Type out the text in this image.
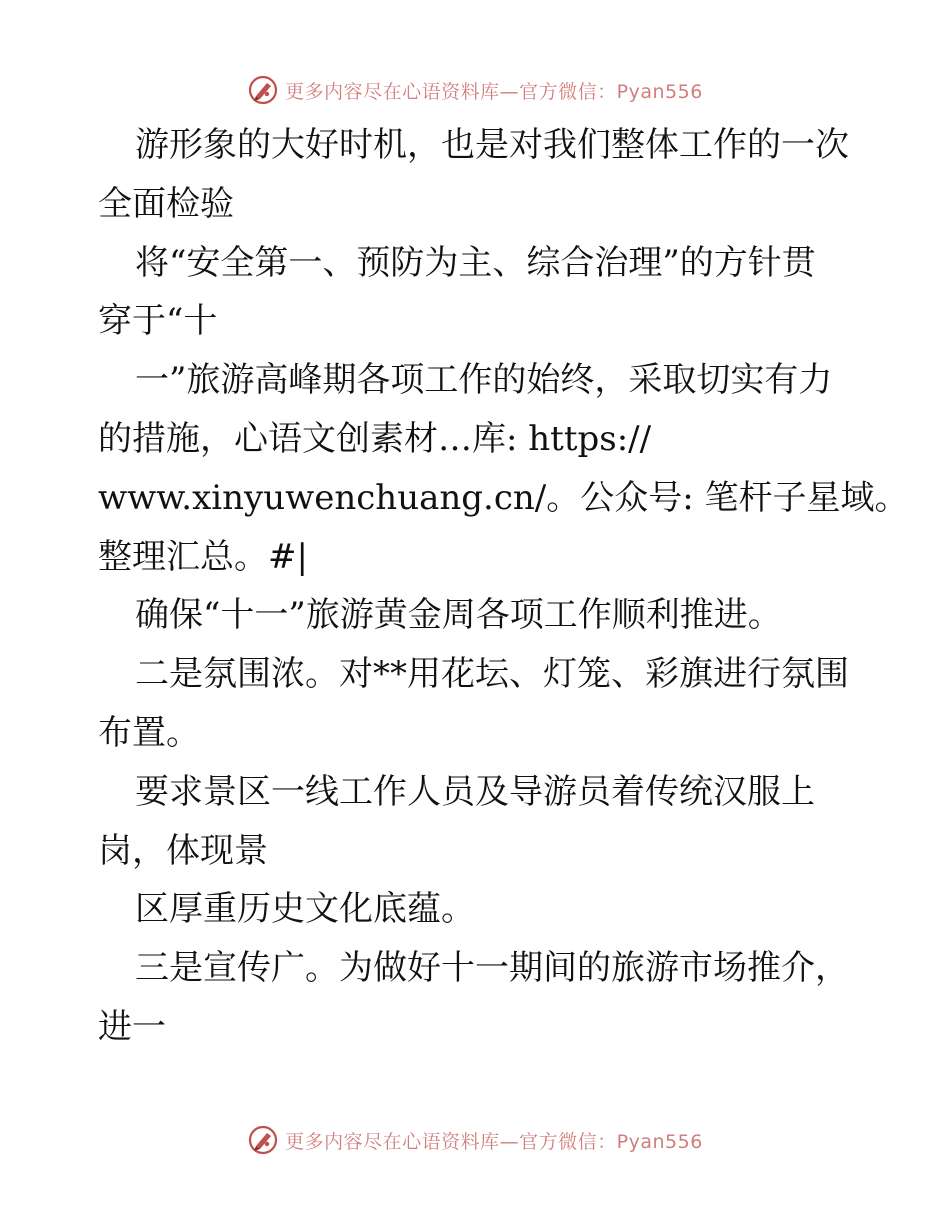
更多内容尽在心语资料库—官方微信：Pyan556
游形象的大好时机，也是对我们整体工作的一次
全面检验
将“安全第一、预防为主、综合治理”的方针贯
穿于“十
一”旅游高峰期各项工作的始终，采取切实有力
的措施，心语文创素材…库: https://
www.xinyuwenchuang.cn/。公众号: 笔杆子星域。
整理汇总。#|
确保“十一”旅游黄金周各项工作顺利推进。
二是氛围浓。对**用花坛、灯笼、彩旗进行氛围
布置。
要求景区一线工作人员及导游员着传统汉服上
岗，体现景
区厚重历史文化底蕴。
三是宣传广。为做好十一期间的旅游市场推介，
进一
更多内容尽在心语资料库—官方微信：Pyan556
